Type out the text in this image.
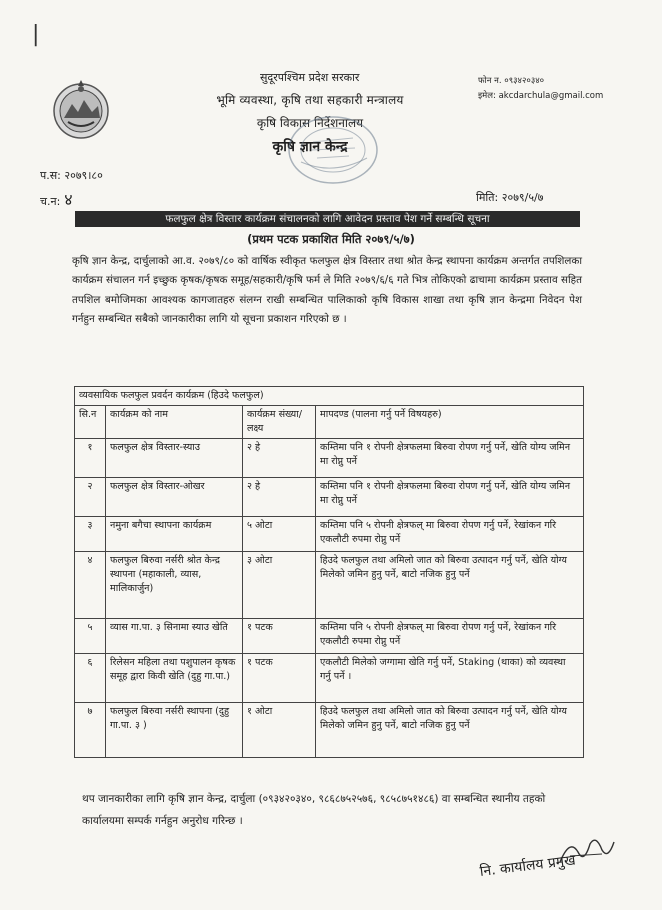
|
सुदूरपश्चिम प्रदेश सरकार
भूमि व्यवस्था, कृषि तथा सहकारी मन्त्रालय
कृषि विकास निर्देशनालय
कृषि ज्ञान केन्द्र
फोन न. ०९३४२०३४०
इमेल: akcdarchula@gmail.com
प.स: २०७९।८०
च.न: ४	मिति: २०७९/५/७
फलफुल क्षेत्र विस्तार कार्यक्रम संचालनको लागि आवेदन प्रस्ताव पेश गर्ने सम्बन्धि सूचना
(प्रथम पटक प्रकाशित मिति २०७९/५/७)
कृषि ज्ञान केन्द्र, दार्चुलाको आ.व. २०७९/८० को वार्षिक स्वीकृत फलफुल क्षेत्र विस्तार तथा श्रोत केन्द्र स्थापना कार्यक्रम अन्तर्गत तपशिलका कार्यक्रम संचालन गर्न इच्छुक कृषक/कृषक समूह/सहकारी/कृषि फर्म ले मिति २०७९/६/६ गते भित्र तोकिएको ढाचामा कार्यक्रम प्रस्ताव सहित तपशिल बमोजिमका आवश्यक कागजातहरु संलग्न राखी सम्बन्धित पालिकाको कृषि विकास शाखा तथा कृषि ज्ञान केन्द्रमा निवेदन पेश गर्नहुन सम्बन्धित सबैको जानकारीका लागि यो सूचना प्रकाशन गरिएको छ ।
व्यवसायिक फलफुल प्रवर्दन कार्यक्रम (हिउदे फलफुल)			
सि.न	कार्यक्रम को नाम	कार्यक्रम संख्या/लक्ष्य	मापदण्ड (पालना गर्नु पर्ने विषयहरु)
१	फलफुल क्षेत्र विस्तार-स्याउ	२ हे	कम्तिमा पनि १ रोपनी क्षेत्रफलमा बिरुवा रोपण गर्नु पर्ने, खेति योग्य जमिन मा रोप्नु पर्ने
२	फलफुल क्षेत्र विस्तार-ओखर	२ हे	कम्तिमा पनि १ रोपनी क्षेत्रफलमा बिरुवा रोपण गर्नु पर्ने, खेति योग्य जमिन मा रोप्नु पर्ने
३	नमुना बगैचा स्थापना कार्यक्रम	५ ओटा	कम्तिमा पनि ५ रोपनी क्षेत्रफल् मा बिरुवा रोपण गर्नु पर्ने, रेखांकन गरि एकलौटी रुपमा रोप्नु पर्ने
४	फलफुल बिरुवा नर्सरी श्रोत केन्द्र स्थापना (महाकाली, व्यास, मालिकार्जुन)	३ ओटा	हिउदे फलफुल तथा अमिलो जात को बिरुवा उत्पादन गर्नु पर्ने, खेति योग्य मिलेको जमिन हुनु पर्ने, बाटो नजिक हुनु पर्ने
५	व्यास गा.पा. ३ सिनामा स्याउ खेति	१ पटक	कम्तिमा पनि ५ रोपनी क्षेत्रफल् मा बिरुवा रोपण गर्नु पर्ने, रेखांकन गरि एकलौटी रुपमा रोप्नु पर्ने
६	रिलेसन महिला तथा पशुपालन कृषक समूह द्वारा किवी खेति (दुहु गा.पा.)	१ पटक	एकलौटी मिलेको जग्गामा खेति गर्नु पर्ने, Staking (थाका) को व्यवस्था गर्नु पर्ने ।
७	फलफुल बिरुवा नर्सरी स्थापना (दुहु गा.पा. ३ )	१ ओटा	हिउदे फलफुल तथा अमिलो जात को बिरुवा उत्पादन गर्नु पर्ने, खेति योग्य मिलेको जमिन हुनु पर्ने, बाटो नजिक हुनु पर्ने
थप जानकारीका लागि कृषि ज्ञान केन्द्र, दार्चुला (०९३४२०३४०, ९८६८७५२५७६, ९८५८७५१४८६) वा सम्बन्धित स्थानीय तहको कार्यालयमा सम्पर्क गर्नहुन अनुरोध गरिन्छ ।
नि. कार्यालय प्रमुख
